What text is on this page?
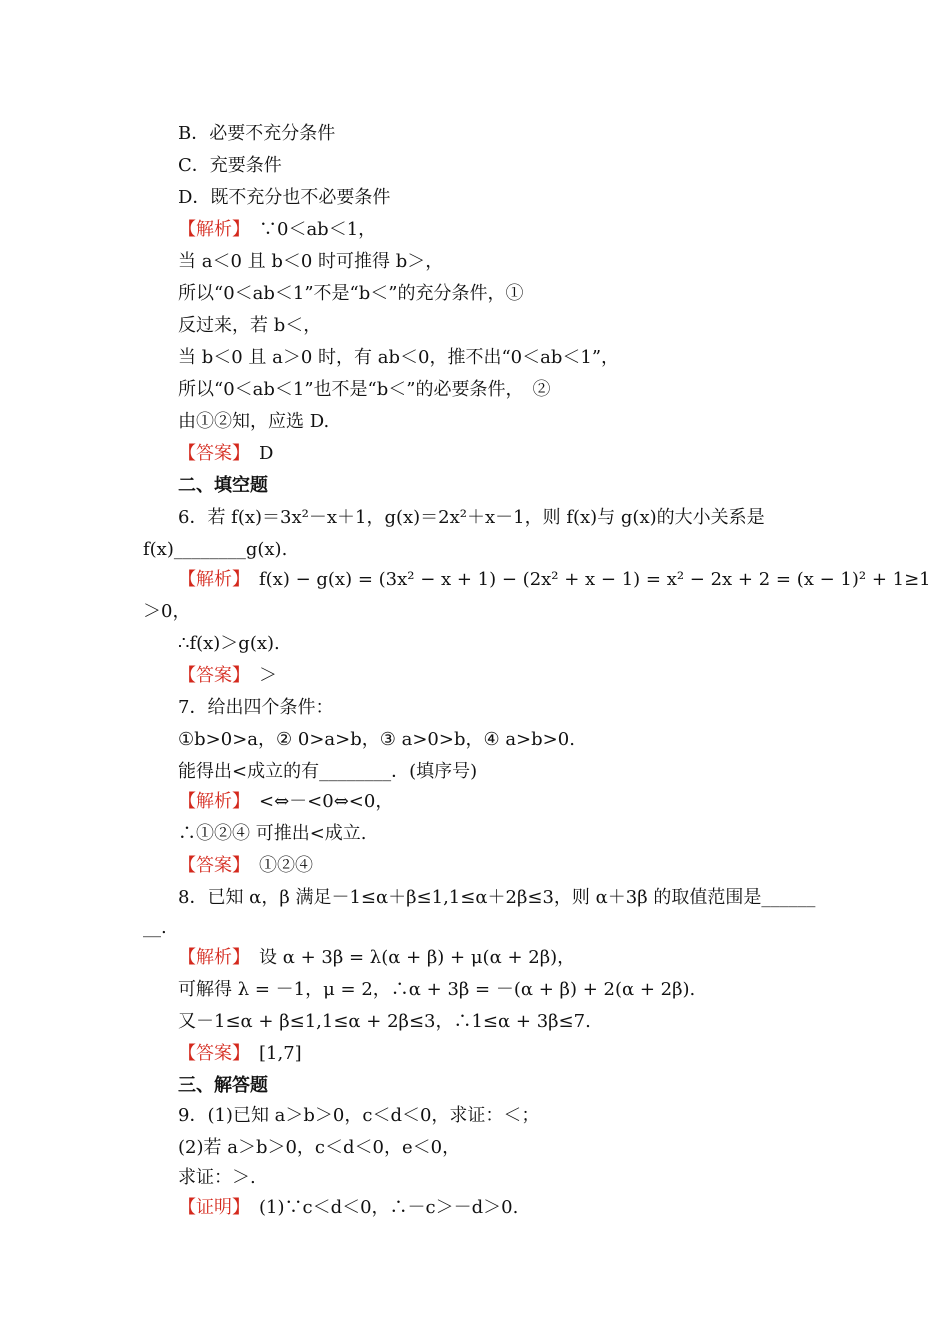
B．必要不充分条件
C．充要条件
D．既不充分也不必要条件
【解析】　 ∵0＜ab＜1，
当 a＜0 且 b＜0 时可推得 b＞，
所以“0＜ab＜1”不是“b＜”的充分条件，①
反过来，若 b＜，
当 b＜0 且 a＞0 时，有 ab＜0，推不出“0＜ab＜1”，
所以“0＜ab＜1”也不是“b＜”的必要条件，　②
由①②知，应选 D.
【答案】　 D
二、填空题
6．若 f(x)＝3x²－x＋1，g(x)＝2x²＋x－1，则 f(x)与 g(x)的大小关系是
f(x)________g(x).
【解析】　 f(x) − g(x) = (3x² − x + 1) − (2x² + x − 1) = x² − 2x + 2 = (x − 1)² + 1≥1
＞0，
∴f(x)＞g(x).
【答案】　 ＞
7．给出四个条件：
①b>0>a，② 0>a>b，③ a>0>b，④ a>b>0.
能得出<成立的有________．(填序号)
【解析】　 <⇔－<0⇔<0，
∴①②④ 可推出<成立.
【答案】　 ①②④
8．已知 α，β 满足－1≤α＋β≤1,1≤α＋2β≤3，则 α＋3β 的取值范围是______
__.
【解析】　 设 α + 3β = λ(α + β) + μ(α + 2β)，
可解得 λ = －1，μ = 2，∴α + 3β = －(α + β) + 2(α + 2β).
又－1≤α + β≤1,1≤α + 2β≤3，∴1≤α + 3β≤7.
【答案】　 [1,7]
三、解答题
9．(1)已知 a＞b＞0，c＜d＜0，求证：＜；
(2)若 a＞b＞0，c＜d＜0，e＜0，
求证：＞.
【证明】　 (1)∵c＜d＜0，∴－c＞－d＞0.
